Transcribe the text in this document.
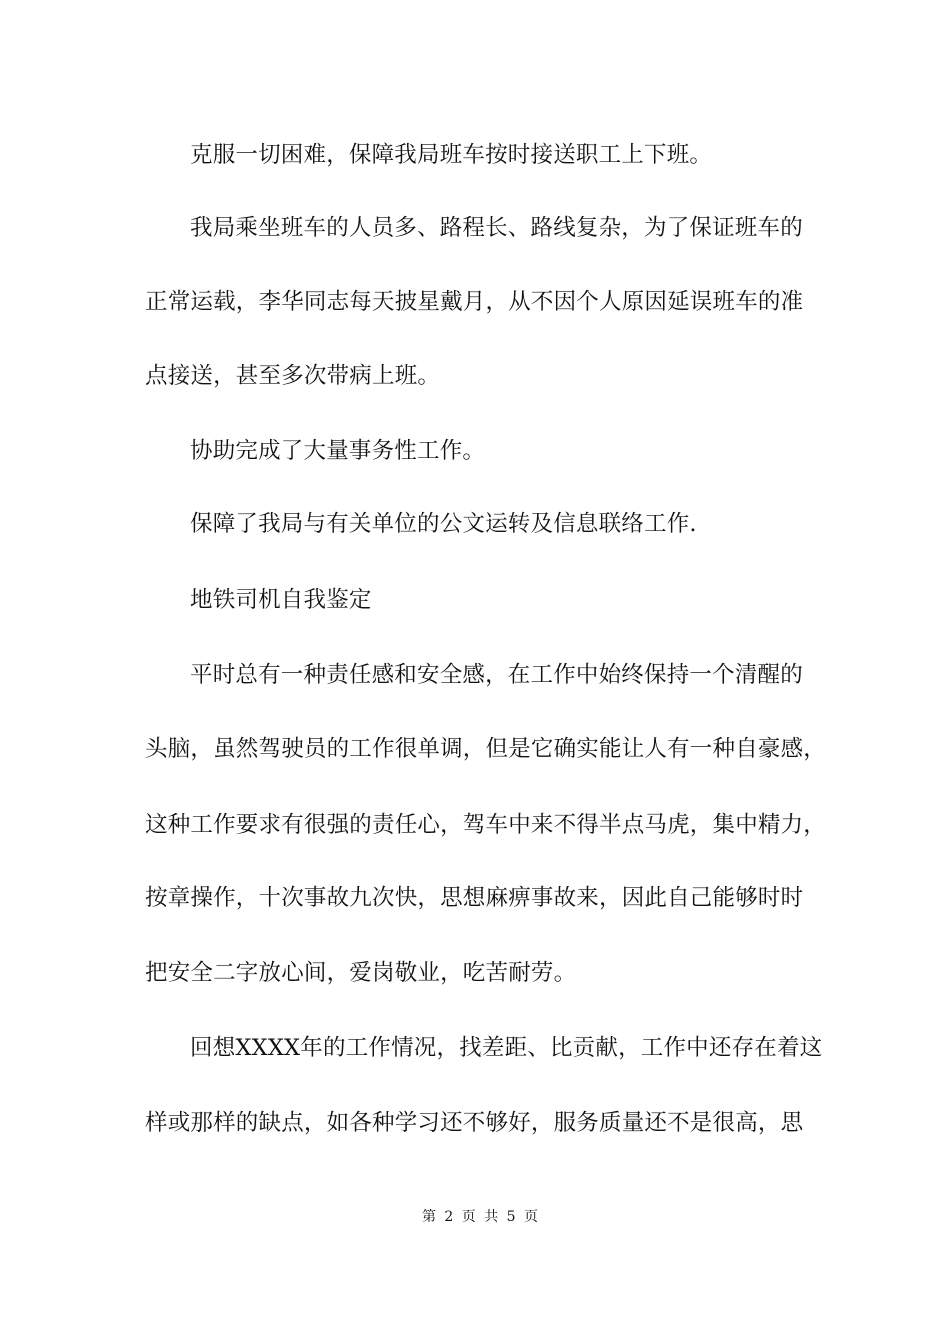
克服一切困难，保障我局班车按时接送职工上下班。
我局乘坐班车的人员多、路程长、路线复杂，为了保证班车的
正常运载，李华同志每天披星戴月，从不因个人原因延误班车的准
点接送，甚至多次带病上班。
协助完成了大量事务性工作。
保障了我局与有关单位的公文运转及信息联络工作.
地铁司机自我鉴定
平时总有一种责任感和安全感，在工作中始终保持一个清醒的
头脑，虽然驾驶员的工作很单调，但是它确实能让人有一种自豪感，
这种工作要求有很强的责任心，驾车中来不得半点马虎，集中精力，
按章操作，十次事故九次快，思想麻痹事故来，因此自己能够时时
把安全二字放心间，爱岗敬业，吃苦耐劳。
回想XXXX年的工作情况，找差距、比贡献，工作中还存在着这
样或那样的缺点，如各种学习还不够好，服务质量还不是很高，思
第 2 页 共 5 页
